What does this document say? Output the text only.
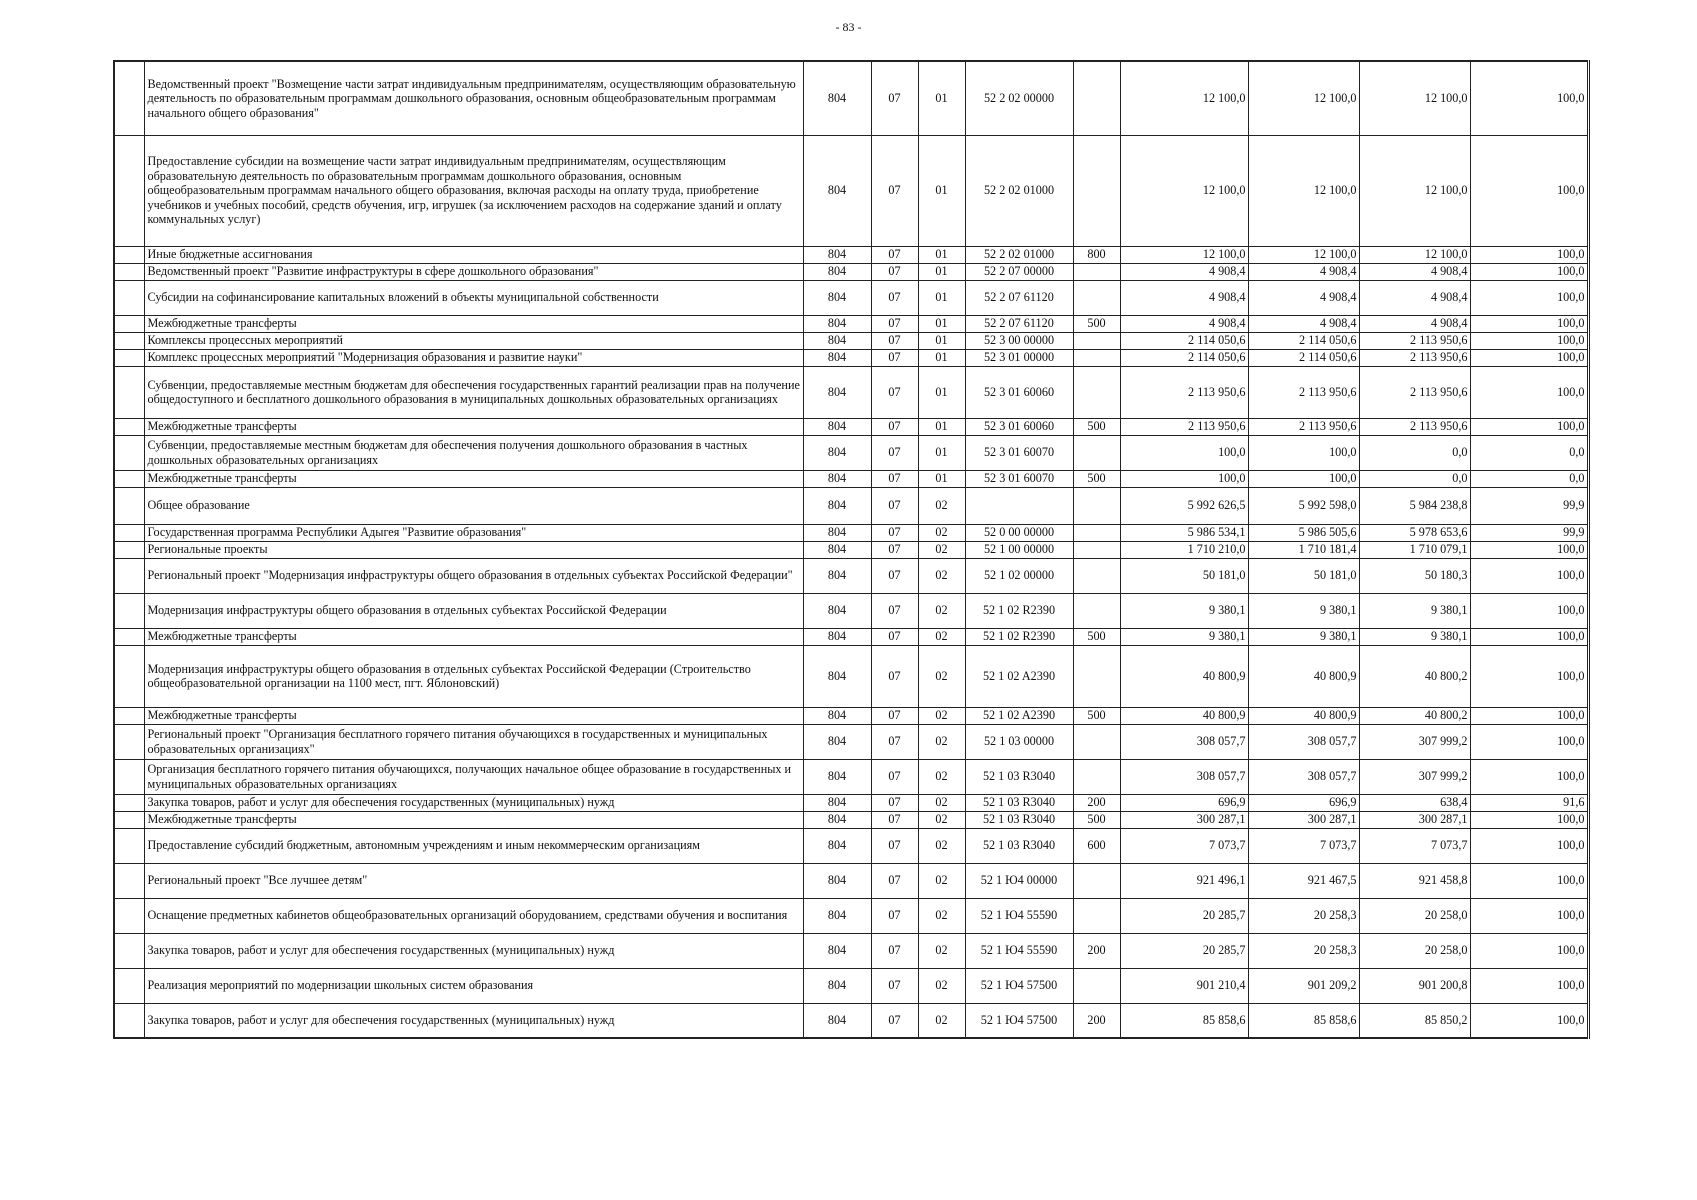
- 83 -
	Ведомственный проект "Возмещение части затрат индивидуальным предпринимателям, осуществляющим образовательную деятельность по образовательным программам дошкольного образования, основным общеобразовательным программам начального общего образования"	804	07	01	52 2 02 00000		12 100,0	12 100,0	12 100,0	100,0
	Предоставление субсидии на возмещение части затрат индивидуальным предпринимателям, осуществляющим образовательную деятельность по образовательным программам дошкольного образования, основным общеобразовательным программам начального общего образования, включая расходы на оплату труда, приобретение учебников и учебных пособий, средств обучения, игр, игрушек (за исключением расходов на содержание зданий и оплату коммунальных услуг)	804	07	01	52 2 02 01000		12 100,0	12 100,0	12 100,0	100,0
	Иные бюджетные ассигнования	804	07	01	52 2 02 01000	800	12 100,0	12 100,0	12 100,0	100,0
	Ведомственный проект "Развитие инфраструктуры в сфере дошкольного образования"	804	07	01	52 2 07 00000		4 908,4	4 908,4	4 908,4	100,0
	Субсидии на софинансирование капитальных вложений в объекты муниципальной собственности	804	07	01	52 2 07 61120		4 908,4	4 908,4	4 908,4	100,0
	Межбюджетные трансферты	804	07	01	52 2 07 61120	500	4 908,4	4 908,4	4 908,4	100,0
	Комплексы процессных мероприятий	804	07	01	52 3 00 00000		2 114 050,6	2 114 050,6	2 113 950,6	100,0
	Комплекс процессных мероприятий "Модернизация образования и развитие науки"	804	07	01	52 3 01 00000		2 114 050,6	2 114 050,6	2 113 950,6	100,0
	Субвенции, предоставляемые местным бюджетам для обеспечения государственных гарантий реализации прав на получение общедоступного и бесплатного дошкольного образования в муниципальных дошкольных образовательных организациях	804	07	01	52 3 01 60060		2 113 950,6	2 113 950,6	2 113 950,6	100,0
	Межбюджетные трансферты	804	07	01	52 3 01 60060	500	2 113 950,6	2 113 950,6	2 113 950,6	100,0
	Субвенции, предоставляемые местным бюджетам для обеспечения получения дошкольного образования в частных дошкольных образовательных организациях	804	07	01	52 3 01 60070		100,0	100,0	0,0	0,0
	Межбюджетные трансферты	804	07	01	52 3 01 60070	500	100,0	100,0	0,0	0,0
	Общее образование	804	07	02			5 992 626,5	5 992 598,0	5 984 238,8	99,9
	Государственная программа Республики Адыгея "Развитие образования"	804	07	02	52 0 00 00000		5 986 534,1	5 986 505,6	5 978 653,6	99,9
	Региональные проекты	804	07	02	52 1 00 00000		1 710 210,0	1 710 181,4	1 710 079,1	100,0
	Региональный проект "Модернизация инфраструктуры общего образования в отдельных субъектах Российской Федерации"	804	07	02	52 1 02 00000		50 181,0	50 181,0	50 180,3	100,0
	Модернизация инфраструктуры общего образования в отдельных субъектах Российской Федерации	804	07	02	52 1 02 R2390		9 380,1	9 380,1	9 380,1	100,0
	Межбюджетные трансферты	804	07	02	52 1 02 R2390	500	9 380,1	9 380,1	9 380,1	100,0
	Модернизация инфраструктуры общего образования в отдельных субъектах Российской Федерации (Строительство общеобразовательной организации на 1100 мест, пгт. Яблоновский)	804	07	02	52 1 02 A2390		40 800,9	40 800,9	40 800,2	100,0
	Межбюджетные трансферты	804	07	02	52 1 02 A2390	500	40 800,9	40 800,9	40 800,2	100,0
	Региональный проект "Организация бесплатного горячего питания обучающихся в государственных и муниципальных образовательных организациях"	804	07	02	52 1 03 00000		308 057,7	308 057,7	307 999,2	100,0
	Организация бесплатного горячего питания обучающихся, получающих начальное общее образование в государственных и муниципальных образовательных организациях	804	07	02	52 1 03 R3040		308 057,7	308 057,7	307 999,2	100,0
	Закупка товаров, работ и услуг для обеспечения государственных (муниципальных) нужд	804	07	02	52 1 03 R3040	200	696,9	696,9	638,4	91,6
	Межбюджетные трансферты	804	07	02	52 1 03 R3040	500	300 287,1	300 287,1	300 287,1	100,0
	Предоставление субсидий бюджетным, автономным учреждениям и иным некоммерческим организациям	804	07	02	52 1 03 R3040	600	7 073,7	7 073,7	7 073,7	100,0
	Региональный проект "Все лучшее детям"	804	07	02	52 1 Ю4 00000		921 496,1	921 467,5	921 458,8	100,0
	Оснащение предметных кабинетов общеобразовательных организаций оборудованием, средствами обучения и воспитания	804	07	02	52 1 Ю4 55590		20 285,7	20 258,3	20 258,0	100,0
	Закупка товаров, работ и услуг для обеспечения государственных (муниципальных) нужд	804	07	02	52 1 Ю4 55590	200	20 285,7	20 258,3	20 258,0	100,0
	Реализация мероприятий по модернизации школьных систем образования	804	07	02	52 1 Ю4 57500		901 210,4	901 209,2	901 200,8	100,0
	Закупка товаров, работ и услуг для обеспечения государственных (муниципальных) нужд	804	07	02	52 1 Ю4 57500	200	85 858,6	85 858,6	85 850,2	100,0
